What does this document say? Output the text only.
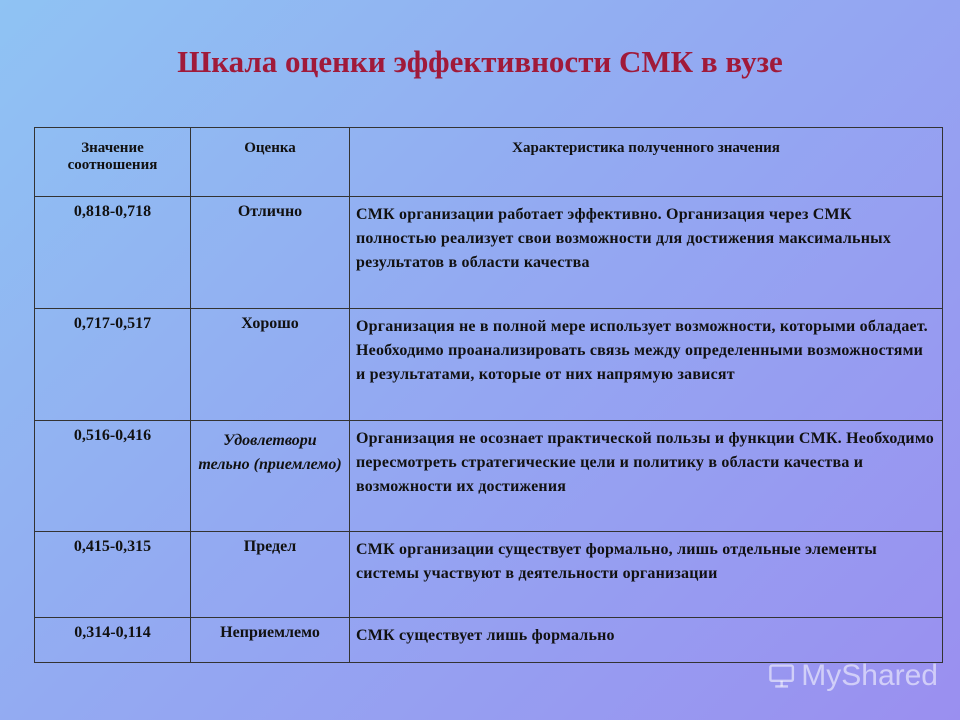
Шкала оценки эффективности СМК в вузе
Значение соотношения	Оценка	Характеристика полученного значения
0,818-0,718	Отлично	СМК организации работает эффективно. Организация через СМК полностью реализует свои возможности для достижения максимальных результатов в области качества
0,717-0,517	Хорошо	Организация не в полной мере использует возможности, которыми обладает. Необходимо проанализировать связь между определенными возможностями и результатами, которые от них напрямую зависят
0,516-0,416	Удовлетвори тельно (приемлемо)	Организация не осознает практической пользы и функции СМК. Необходимо пересмотреть стратегические цели и политику в области качества и возможности их достижения
0,415-0,315	Предел	СМК организации существует формально, лишь отдельные элементы системы участвуют в деятельности организации
0,314-0,114	Неприемлемо	СМК существует лишь формально
MyShared
